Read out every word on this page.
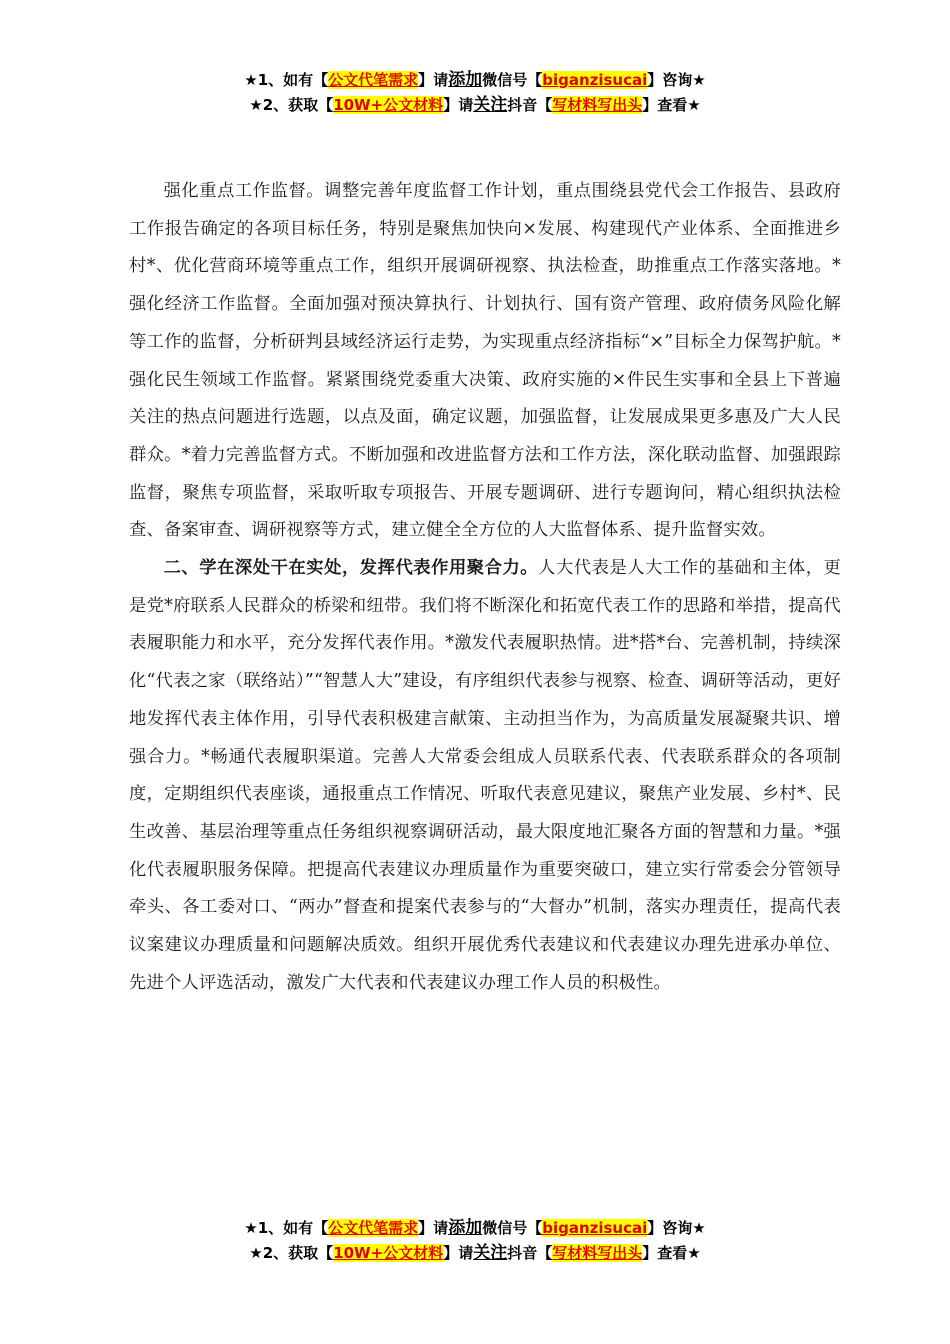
★1、如有【公文代笔需求】请添加微信号【biganzisucai】咨询★
★2、获取【10W+公文材料】请关注抖音【写材料写出头】查看★

强化重点工作监督。调整完善年度监督工作计划，重点围绕县党代会工作报告、县政府工作报告确定的各项目标任务，特别是聚焦加快向×发展、构建现代产业体系、全面推进乡村*、优化营商环境等重点工作，组织开展调研视察、执法检查，助推重点工作落实落地。*强化经济工作监督。全面加强对预决算执行、计划执行、国有资产管理、政府债务风险化解等工作的监督，分析研判县域经济运行走势，为实现重点经济指标“×”目标全力保驾护航。*强化民生领域工作监督。紧紧围绕党委重大决策、政府实施的×件民生实事和全县上下普遍关注的热点问题进行选题，以点及面，确定议题，加强监督，让发展成果更多惠及广大人民群众。*着力完善监督方式。不断加强和改进监督方法和工作方法，深化联动监督、加强跟踪监督，聚焦专项监督，采取听取专项报告、开展专题调研、进行专题询问，精心组织执法检查、备案审查、调研视察等方式，建立健全全方位的人大监督体系、提升监督实效。

二、学在深处干在实处，发挥代表作用聚合力。人大代表是人大工作的基础和主体，更是党*府联系人民群众的桥梁和纽带。我们将不断深化和拓宽代表工作的思路和举措，提高代表履职能力和水平，充分发挥代表作用。*激发代表履职热情。进*搭*台、完善机制，持续深化“代表之家（联络站）”“智慧人大”建设，有序组织代表参与视察、检查、调研等活动，更好地发挥代表主体作用，引导代表积极建言献策、主动担当作为，为高质量发展凝聚共识、增强合力。*畅通代表履职渠道。完善人大常委会组成人员联系代表、代表联系群众的各项制度，定期组织代表座谈，通报重点工作情况、听取代表意见建议，聚焦产业发展、乡村*、民生改善、基层治理等重点任务组织视察调研活动，最大限度地汇聚各方面的智慧和力量。*强化代表履职服务保障。把提高代表建议办理质量作为重要突破口，建立实行常委会分管领导牵头、各工委对口、“两办”督查和提案代表参与的“大督办”机制，落实办理责任，提高代表议案建议办理质量和问题解决质效。组织开展优秀代表建议和代表建议办理先进承办单位、先进个人评选活动，激发广大代表和代表建议办理工作人员的积极性。

★1、如有【公文代笔需求】请添加微信号【biganzisucai】咨询★
★2、获取【10W+公文材料】请关注抖音【写材料写出头】查看★
